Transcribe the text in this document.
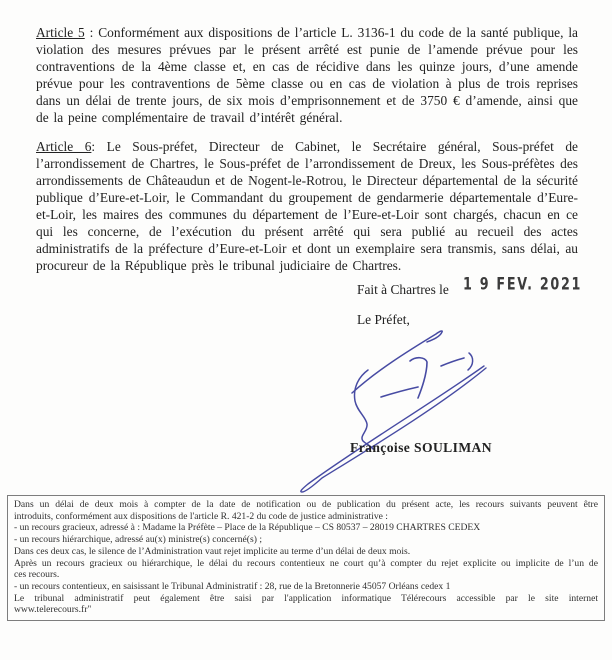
Article 5 : Conformément aux dispositions de l’article L. 3136-1 du code de la santé publique, la violation des mesures prévues par le présent arrêté est punie de l’amende prévue pour les contraventions de la 4ème classe et, en cas de récidive dans les quinze jours, d’une amende prévue pour les contraventions de 5ème classe ou en cas de violation à plus de trois reprises dans un délai de trente jours, de six mois d’emprisonnement et de 3750 € d’amende, ainsi que de la peine complémentaire de travail d’intérêt général.

Article 6: Le Sous-préfet, Directeur de Cabinet, le Secrétaire général, Sous-préfet de l’arrondissement de Chartres, le Sous-préfet de l’arrondissement de Dreux, les Sous-préfètes des arrondissements de Châteaudun et de Nogent-le-Rotrou, le Directeur départemental de la sécurité publique d’Eure-et-Loir, le Commandant du groupement de gendarmerie départementale d’Eure-et-Loir, les maires des communes du département de l’Eure-et-Loir sont chargés, chacun en ce qui les concerne, de l’exécution du présent arrêté qui sera publié au recueil des actes administratifs de la préfecture d’Eure-et-Loir et dont un exemplaire sera transmis, sans délai, au procureur de la République près le tribunal judiciaire de Chartres.

Fait à Chartres le 1 9 FEV. 2021
Le Préfet,
Françoise SOULIMAN
Dans un délai de deux mois à compter de la date de notification ou de publication du présent acte, les recours suivants peuvent être
introduits, conformément aux dispositions de l'article R. 421-2 du code de justice administrative :
- un recours gracieux, adressé à : Madame la Préfète – Place de la République – CS 80537 – 28019 CHARTRES CEDEX
- un recours hiérarchique, adressé au(x) ministre(s) concerné(s) ;
Dans ces deux cas, le silence de l’Administration vaut rejet implicite au terme d’un délai de deux mois.
Après un recours gracieux ou hiérarchique, le délai du recours contentieux ne court qu’à compter du rejet explicite ou implicite de l’un de
ces recours.
- un recours contentieux, en saisissant le Tribunal Administratif : 28, rue de la Bretonnerie 45057 Orléans cedex 1
Le tribunal administratif peut également être saisi par l'application informatique Télérecours accessible par le site internet
www.telerecours.fr"
